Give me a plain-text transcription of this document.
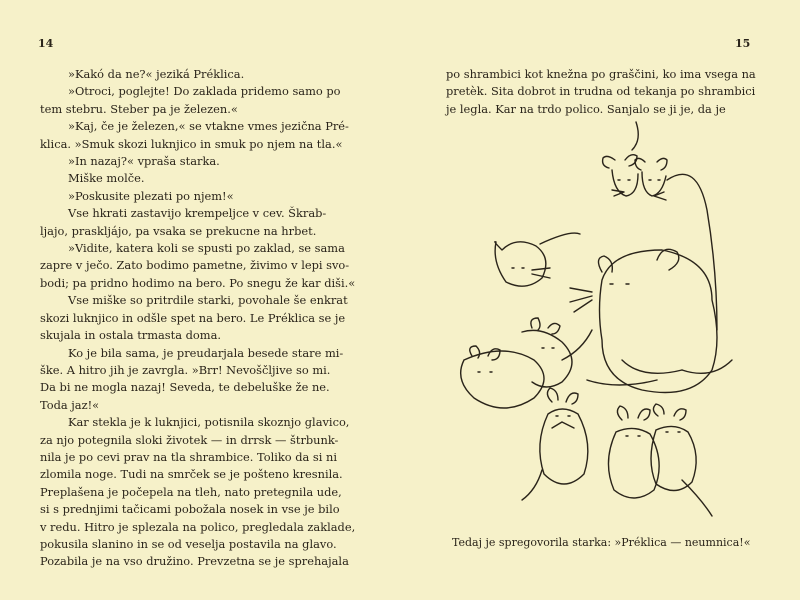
14	15
»Kakó da ne?« jeziká Préklica.
»Otroci, poglejte! Do zaklada pridemo samo po
tem stebru. Steber pa je železen.«
»Kaj, če je železen,« se vtakne vmes jezična Pré-
klica. »Smuk skozi luknjico in smuk po njem na tla.«
»In nazaj?« vpraša starka.
Miške molče.
»Poskusite plezati po njem!«
Vse hkrati zastavijo krempeljce v cev. Škrab-
ljajo, praskljájo, pa vsaka se prekucne na hrbet.
»Vidite, katera koli se spusti po zaklad, se sama
zapre v ječo. Zato bodimo pametne, živimo v lepi svo-
bodi; pa pridno hodimo na bero. Po snegu že kar diši.«
Vse miške so pritrdile starki, povohale še enkrat
skozi luknjico in odšle spet na bero. Le Préklica se je
skujala in ostala trmasta doma.
Ko je bila sama, je preudarjala besede stare mi-
ške. A hitro jih je zavrgla. »Brr! Nevoščljive so mi.
Da bi ne mogla nazaj! Seveda, te debeluške že ne.
Toda jaz!«
Kar stekla je k luknjici, potisnila skoznjo glavico,
za njo potegnila sloki životek — in drrsk — štrbunk-
nila je po cevi prav na tla shrambice. Toliko da si ni
zlomila noge. Tudi na smrček se je pošteno kresnila.
Preplašena je počepela na tleh, nato pretegnila ude,
si s prednjimi tačicami pobožala nosek in vse je bilo
v redu. Hitro je splezala na polico, pregledala zaklade,
pokusila slanino in se od veselja postavila na glavo.
Pozabila je na vso družino. Prevzetna se je sprehajala
po shrambici kot knežna po graščini, ko ima vsega na
pretèk. Sita dobrot in trudna od tekanja po shrambici
je legla. Kar na trdo polico. Sanjalo se ji je, da je
Tedaj je spregovorila starka: »Préklica — neumnica!«
